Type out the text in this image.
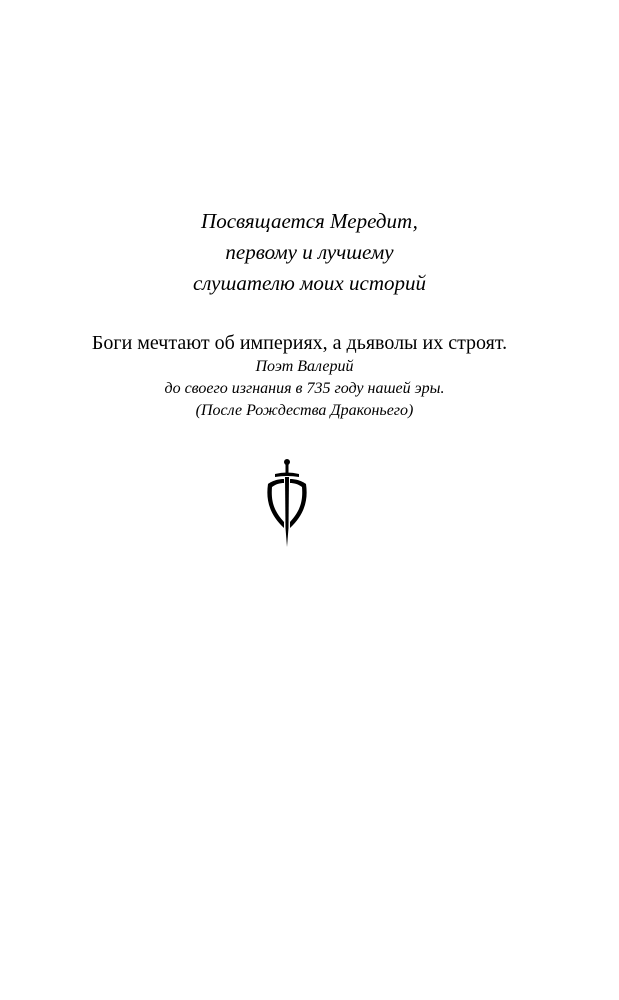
Посвящается Мередит,
первому и лучшему
слушателю моих историй
Боги мечтают об империях, а дьяволы их строят.
Поэт Валерий
до своего изгнания в 735 году нашей эры.
(После Рождества Драконьего)
